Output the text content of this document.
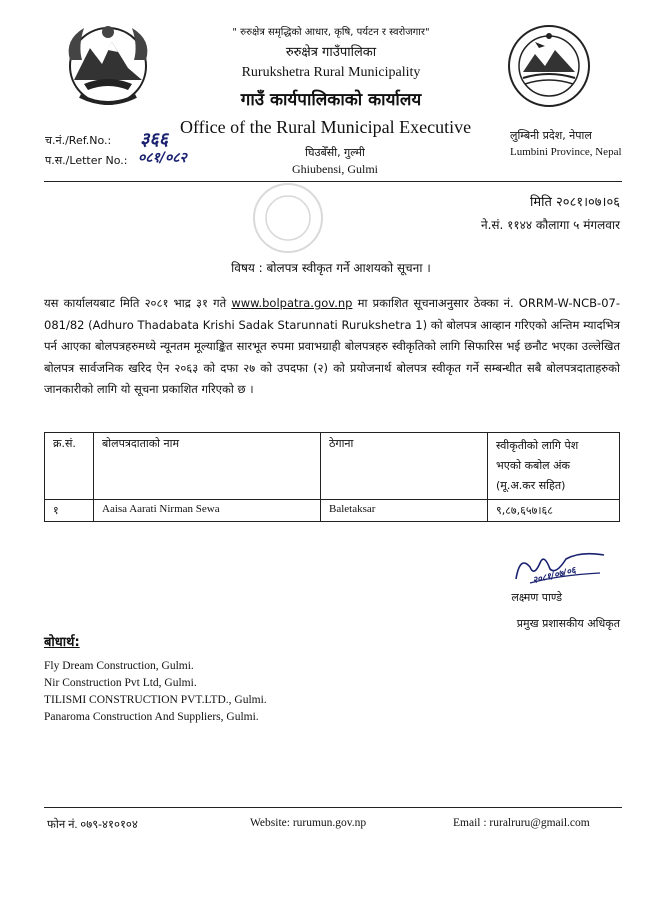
" रुरुक्षेत्र समृद्धिको आधार, कृषि, पर्यटन र स्वरोजगार"
रुरुक्षेत्र गाउँपालिका
Rurukshetra Rural Municipality
गाउँ कार्यपालिकाको कार्यालय
Office of the Rural Municipal Executive
च.नं./Ref.No.: ३६६
प.स./Letter No.: ०८१/०८२	घिउबेँसी, गुल्मी
Ghiubensi, Gulmi
लुम्बिनी प्रदेश, नेपाल
Lumbini Province, Nepal
मिति २०८१।०७।०६
ने.सं. ११४४ कौलागा ५ मंगलवार
विषय : बोलपत्र स्वीकृत गर्ने आशयको सूचना ।
यस कार्यालयबाट मिति २०८१ भाद्र ३१ गते www.bolpatra.gov.np मा प्रकाशित सूचनाअनुसार ठेक्का नं. ORRM-W-NCB-07-081/82 (Adhuro Thadabata Krishi Sadak Starunnati Rurukshetra 1) को बोलपत्र आव्हान गरिएको अन्तिम म्यादभित्र पर्न आएका बोलपत्रहरुमध्ये न्यूनतम मूल्याङ्कित सारभूत रुपमा प्रवाभग्राही बोलपत्रहरु स्वीकृतिको लागि सिफारिस भई छनौट भएका उल्लेखित बोलपत्र सार्वजनिक खरिद ऐन २०६३ को दफा २७ को उपदफा (२) को प्रयोजनार्थ बोलपत्र स्वीकृत गर्ने सम्बन्धीत सबै बोलपत्रदाताहरुको जानकारीको लागि यो सूचना प्रकाशित गरिएको छ ।
क्र.सं.	बोलपत्रदाताको नाम	ठेगाना	स्वीकृतीको लागि पेश
भएको कबोल अंक
(मू.अ.कर सहित)

१	Aaisa Aarati Nirman Sewa	Baletaksar	९,८७,६५७।६८
२०८१/०७/०६
लक्ष्मण पाण्डे
प्रमुख प्रशासकीय अधिकृत
बोधार्थ:
Fly Dream Construction, Gulmi.
Nir Construction Pvt Ltd, Gulmi.
TILISMI CONSTRUCTION PVT.LTD., Gulmi.
Panaroma Construction And Suppliers, Gulmi.
फोन नं. ०७९-४१०१०४	Website: rurumun.gov.np	Email : ruralruru@gmail.com
